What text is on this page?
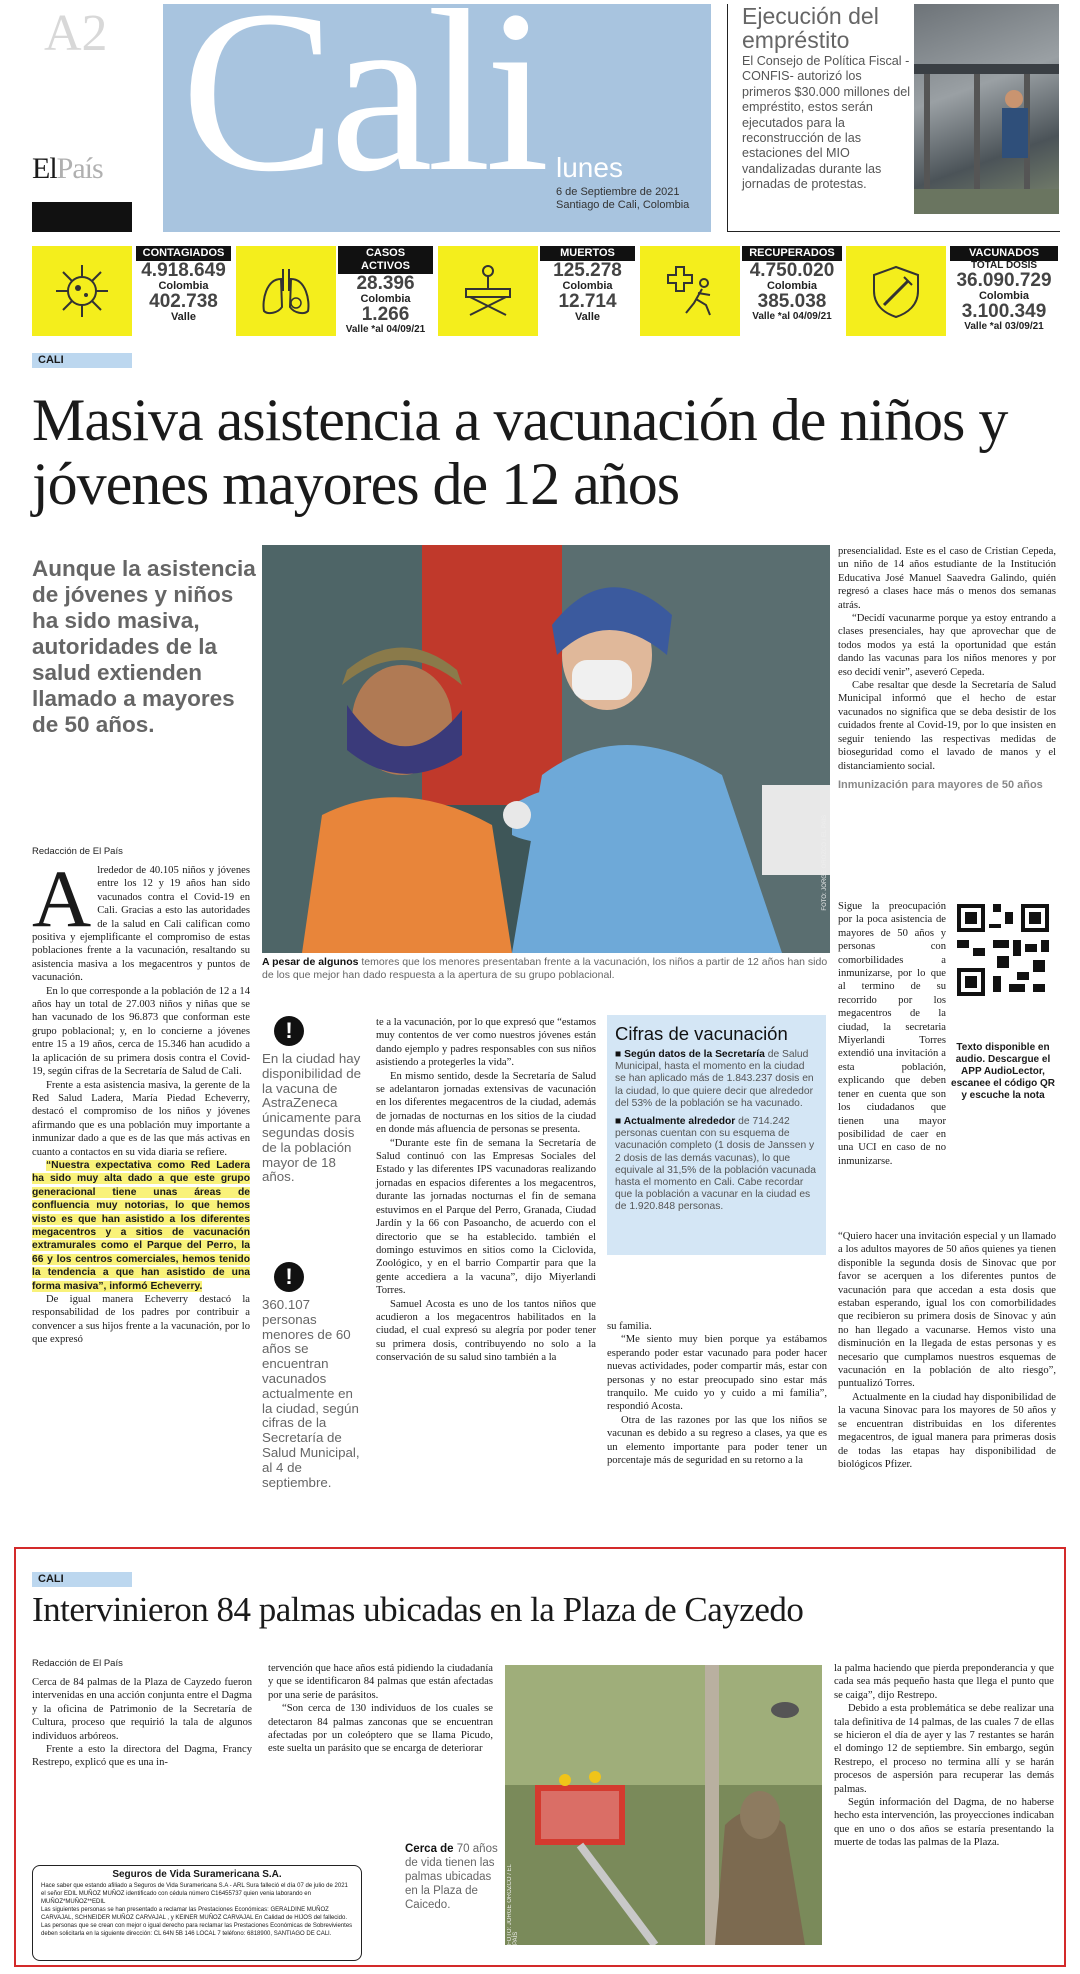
A2
ElPaís Cali lunes
6 de Septiembre de 2021
Santiago de Cali, Colombia
Ejecución del empréstito
El Consejo de Política Fiscal -CONFIS- autorizó los primeros $30.000 millones del empréstito, estos serán ejecutados para la reconstrucción de las estaciones del MIO vandalizadas durante las jornadas de protestas.
CONTAGIADOS
4.918.649
Colombia
402.738
Valle
CASOS ACTIVOS
28.396
Colombia
1.266
Valle *al 04/09/21
MUERTOS
125.278
Colombia
12.714
Valle
RECUPERADOS
4.750.020
Colombia
385.038
Valle *al 04/09/21
VACUNADOS
TOTAL DOSIS
36.090.729
Colombia
3.100.349
Valle *al 03/09/21
CALI
Masiva asistencia a vacunación de niños y jóvenes mayores de 12 años
Aunque la asistencia de jóvenes y niños ha sido masiva, autoridades de la salud extienden llamado a mayores de 50 años.
FOTO: JORGE OROZCO / EL PAÍS
A pesar de algunos temores que los menores presentaban frente a la vacunación, los niños a partir de 12 años han sido de los que mejor han dado respuesta a la apertura de su grupo poblacional.
Redacción de El País

Alrededor de 40.105 niños y jóvenes entre los 12 y 19 años han sido vacunados contra el Covid-19 en Cali. Gracias a esto las autoridades de la salud en Cali califican como positiva y ejemplificante el compromiso de estas poblaciones frente a la vacunación, resaltando su asistencia masiva a los megacentros y puntos de vacunación.

En lo que corresponde a la población de 12 a 14 años hay un total de 27.003 niños y niñas que se han vacunado de los 96.873 que conforman este grupo poblacional; y, en lo concierne a jóvenes entre 15 a 19 años, cerca de 15.346 han acudido a la aplicación de su primera dosis contra el Covid-19, según cifras de la Secretaría de Salud de Cali.

Frente a esta asistencia masiva, la gerente de la Red Salud Ladera, María Piedad Echeverry, destacó el compromiso de los niños y jóvenes afirmando que es una población muy importante a inmunizar dado a que es de las que más activas en cuanto a contactos en su vida diaria se refiere.

“Nuestra expectativa como Red Ladera ha sido muy alta dado a que este grupo generacional tiene unas áreas de confluencia muy notorias, lo que hemos visto es que han asistido a los diferentes megacentros y a sitios de vacunación extramurales como el Parque del Perro, la 66 y los centros comerciales, hemos tenido la tendencia a que han asistido de una forma masiva”, informó Echeverry.

De igual manera Echeverry destacó la responsabilidad de los padres por contribuir a convencer a sus hijos frente a la vacunación, por lo que expresó

!
En la ciudad hay disponibilidad de la vacuna de AstraZeneca únicamente para segundas dosis de la población mayor de 18 años.
!
360.107 personas menores de 60 años se encuentran vacunados actualmente en la ciudad, según cifras de la Secretaría de Salud Municipal, al 4 de septiembre.

te a la vacunación, por lo que expresó que “estamos muy contentos de ver como nuestros jóvenes están dando ejemplo y padres responsables con sus niños asistiendo a protegerles la vida”.

En mismo sentido, desde la Secretaría de Salud se adelantaron jornadas extensivas de vacunación en los diferentes megacentros de la ciudad, además de jornadas de nocturnas en los sitios de la ciudad en donde más afluencia de personas se presenta.

“Durante este fin de semana la Secretaría de Salud continuó con las Empresas Sociales del Estado y las diferentes IPS vacunadoras realizando jornadas en espacios diferentes a los megacentros, durante las jornadas nocturnas el fin de semana estuvimos en el Parque del Perro, Granada, Ciudad Jardín y la 66 con Pasoancho, de acuerdo con el directorio que se ha establecido. también el domingo estuvimos en sitios como la Ciclovida, Zoológico, y en el barrio Compartir para que la gente accediera a la vacuna”, dijo Miyerlandi Torres.

Samuel Acosta es uno de los tantos niños que acudieron a los megacentros habilitados en la ciudad, el cual expresó su alegría por poder tener su primera dosis, contribuyendo no solo a la conservación de su salud sino también a la

Cifras de vacunación

■ Según datos de la Secretaría de Salud Municipal, hasta el momento en la ciudad se han aplicado más de 1.843.237 dosis en la ciudad, lo que quiere decir que alrededor del 53% de la población se ha vacunado.

■ Actualmente alrededor de 714.242 personas cuentan con su esquema de vacunación completo (1 dosis de Janssen y 2 dosis de las demás vacunas), lo que equivale al 31,5% de la población vacunada hasta el momento en Cali. Cabe recordar que la población a vacunar en la ciudad es de 1.920.848 personas.

su familia.

“Me siento muy bien porque ya estábamos esperando poder estar vacunado para poder hacer nuevas actividades, poder compartir más, estar con personas y no estar preocupado sino estar más tranquilo. Me cuido yo y cuido a mi familia”, respondió Acosta.

Otra de las razones por las que los niños se vacunan es debido a su regreso a clases, ya que es un elemento importante para poder tener un porcentaje más de seguridad en su retorno a la

presencialidad. Este es el caso de Cristian Cepeda, un niño de 14 años estudiante de la Institución Educativa José Manuel Saavedra Galindo, quién regresó a clases hace más o menos dos semanas atrás.

“Decidí vacunarme porque ya estoy entrando a clases presenciales, hay que aprovechar que de todos modos ya está la oportunidad que están dando las vacunas para los niños menores y por eso decidí venir”, aseveró Cepeda.

Cabe resaltar que desde la Secretaría de Salud Municipal informó que el hecho de estar vacunados no significa que se deba desistir de los cuidados frente al Covid-19, por lo que insisten en seguir teniendo las respectivas medidas de bioseguridad como el lavado de manos y el distanciamiento social.

Inmunización para mayores de 50 años

Sigue la preocupación por la poca asistencia de mayores de 50 años y personas con comorbilidades a inmunizarse, por lo que al termino de su recorrido por los megacentros de la ciudad, la secretaria Miyerlandi Torres extendió una invitación a esta población, explicando que deben tener en cuenta que son los ciudadanos que tienen una mayor posibilidad de caer en una UCI en caso de no inmunizarse.

Texto disponible en audio. Descargue el APP AudioLector, escanee el código QR y escuche la nota

“Quiero hacer una invitación especial y un llamado a los adultos mayores de 50 años quienes ya tienen disponible la segunda dosis de Sinovac que por favor se acerquen a los diferentes puntos de vacunación para que accedan a esta dosis que estaban esperando, igual los con comorbilidades que recibieron su primera dosis de Sinovac y aún no han llegado a vacunarse. Hemos visto una disminución en la llegada de estas personas y es necesario que cumplamos nuestros esquemas de vacunación en la población de alto riesgo”, puntualizó Torres.

Actualmente en la ciudad hay disponibilidad de la vacuna Sinovac para los mayores de 50 años y se encuentran distribuidas en los diferentes megacentros, de igual manera para primeras dosis de todas las etapas hay disponibilidad de biológicos Pfizer.

CALI
Intervinieron 84 palmas ubicadas en la Plaza de Cayzedo
Redacción de El País

Cerca de 84 palmas de la Plaza de Cayzedo fueron intervenidas en una acción conjunta entre el Dagma y la oficina de Patrimonio de la Secretaría de Cultura, proceso que requirió la tala de algunos individuos arbóreos.

Frente a esto la directora del Dagma, Francy Restrepo, explicó que es una in-

tervención que hace años está pidiendo la ciudadanía y que se identificaron 84 palmas que están afectadas por una serie de parásitos.

“Son cerca de 130 individuos de los cuales se detectaron 84 palmas zanconas que se encuentran afectadas por un coleóptero que se llama Picudo, este suelta un parásito que se encarga de deteriorar

FOTO: JORGE OROZCO / EL PAÍS
Cerca de 70 años de vida tienen las palmas ubicadas en la Plaza de Caicedo.

la palma haciendo que pierda preponderancia y que cada sea más pequeño hasta que llega el punto que se caiga”, dijo Restrepo.

Debido a esta problemática se debe realizar una tala definitiva de 14 palmas, de las cuales 7 de ellas se hicieron el día de ayer y las 7 restantes se harán el domingo 12 de septiembre. Sin embargo, según Restrepo, el proceso no termina allí y se harán procesos de aspersión para recuperar las demás palmas.

Según información del Dagma, de no haberse hecho esta intervención, las proyecciones indicaban que en uno o dos años se estaría presentando la muerte de todas las palmas de la Plaza.

Seguros de Vida Suramericana S.A.

Hace saber que estando afiliado a Seguros de Vida Suramericana S.A - ARL Sura falleció el día 07 de julio de 2021 el señor EDIL MUÑOZ MUÑOZ identificado con cédula número C16455737 quien venia laborando en MUÑOZ*MUÑOZ**EDIL

Las siguientes personas se han presentado a reclamar las Prestaciones Económicas: GERALDINE MUÑOZ CARVAJAL, SCHNEIDER MUÑOZ CARVAJAL , y KEINER MUÑOZ CARVAJAL En Calidad de HIJOS del fallecido.

Las personas que se crean con mejor o igual derecho para reclamar las Prestaciones Económicas de Sobrevivientes deben solicitarla en la siguiente dirección: CL 64N 5B 146 LOCAL 7 teléfono: 6818900, SANTIAGO DE CALI.
